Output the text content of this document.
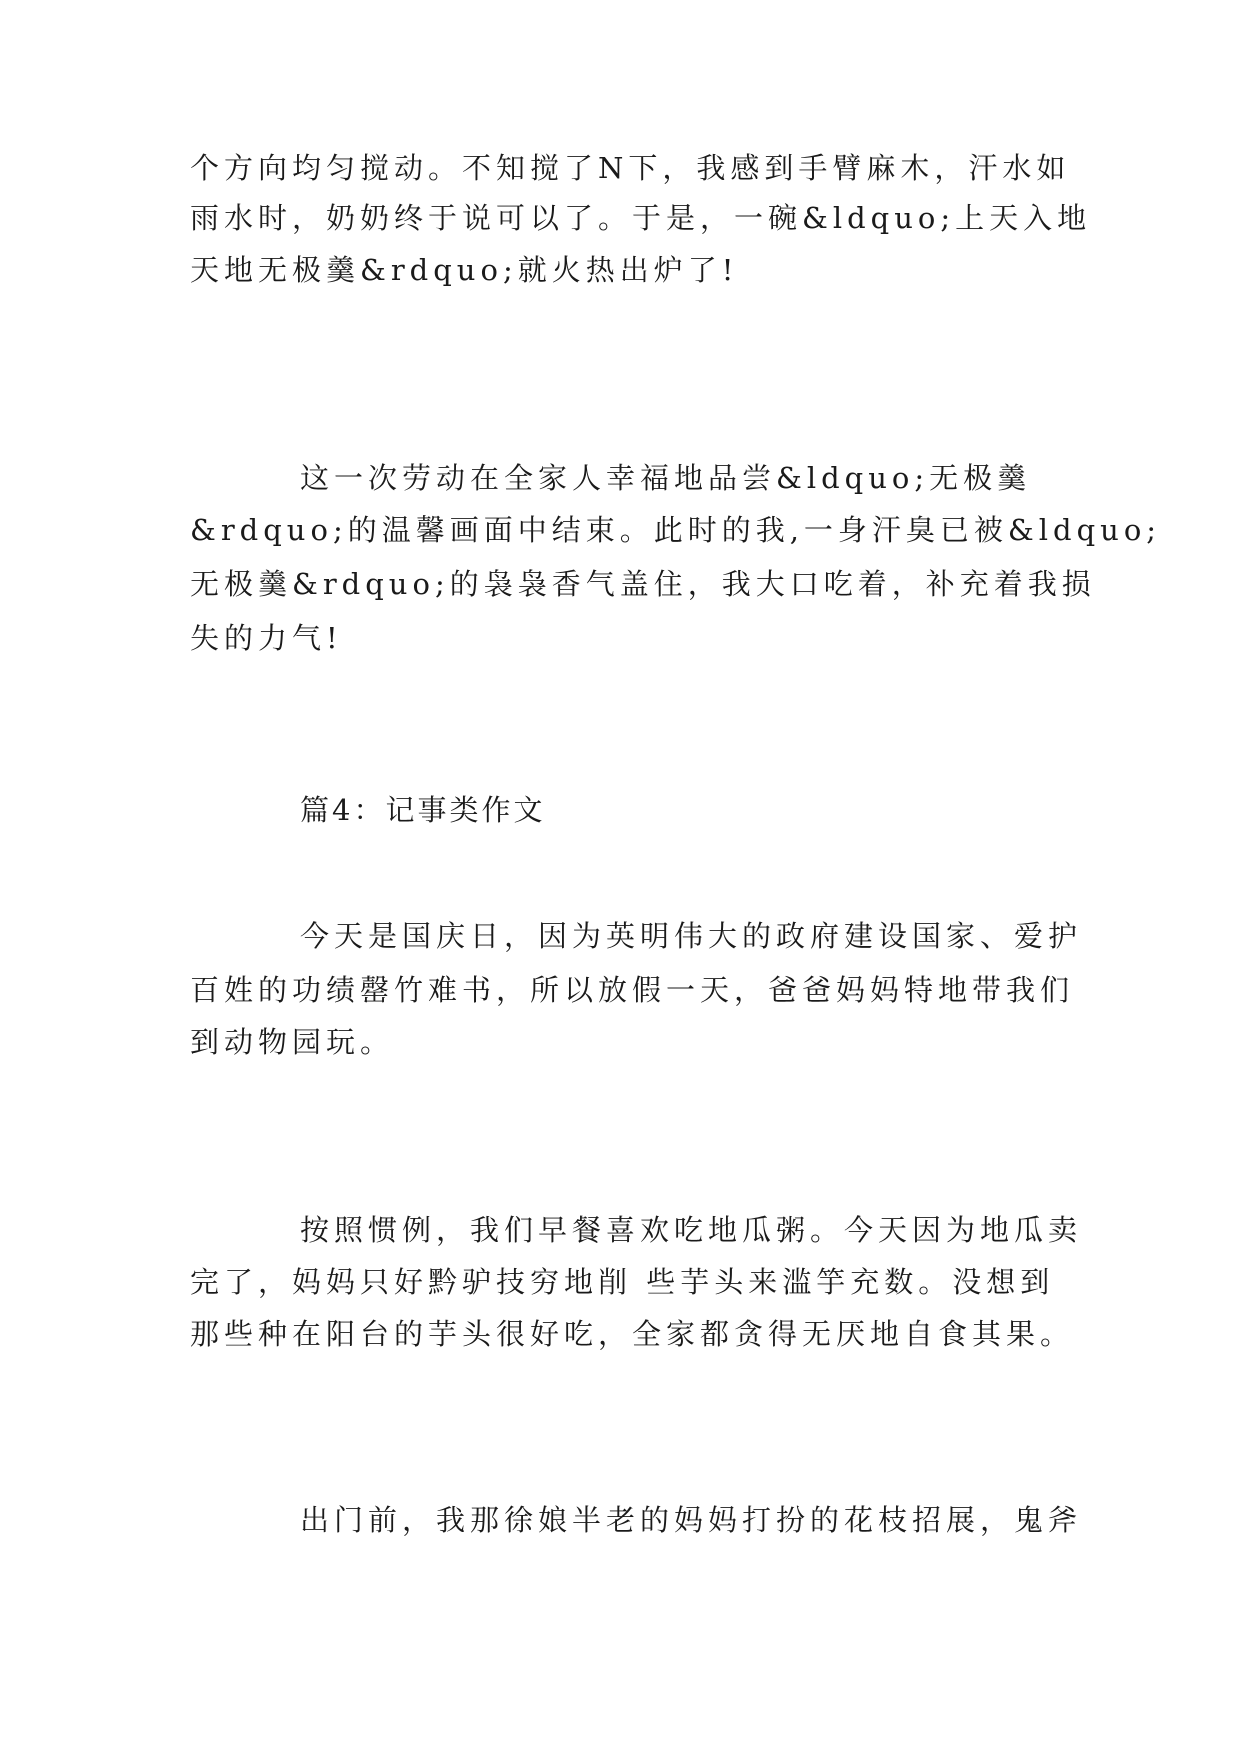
个方向均匀搅动。不知搅了N下，我感到手臂麻木，汗水如
雨水时，奶奶终于说可以了。于是，一碗&ldquo;上天入地
天地无极羹&rdquo;就火热出炉了!
这一次劳动在全家人幸福地品尝&ldquo;无极羹
&rdquo;的温馨画面中结束。此时的我,一身汗臭已被&ldquo;
无极羹&rdquo;的袅袅香气盖住，我大口吃着，补充着我损
失的力气!
篇4：记事类作文
今天是国庆日，因为英明伟大的政府建设国家、爱护
百姓的功绩罄竹难书，所以放假一天，爸爸妈妈特地带我们
到动物园玩。
按照惯例，我们早餐喜欢吃地瓜粥。今天因为地瓜卖
完了，妈妈只好黔驴技穷地削 些芋头来滥竽充数。没想到
那些种在阳台的芋头很好吃，全家都贪得无厌地自食其果。
出门前，我那徐娘半老的妈妈打扮的花枝招展，鬼斧
